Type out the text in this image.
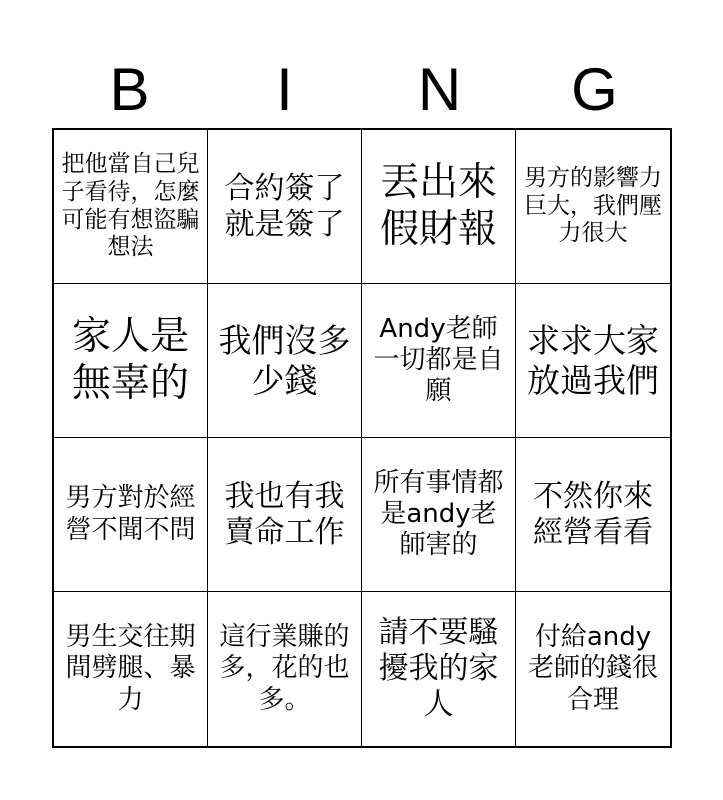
B	I	N	G
把他當自己兒子看待，怎麼可能有想盜騙想法
合約簽了就是簽了
丟出來假財報
男方的影響力巨大，我們壓力很大
家人是無辜的
我們沒多少錢
Andy老師一切都是自願
求求大家放過我們
男方對於經營不聞不問
我也有我賣命工作
所有事情都是andy老師害的
不然你來經營看看
男生交往期間劈腿、暴力
這行業賺的多，花的也多。
請不要騷擾我的家人
付給andy老師的錢很合理
